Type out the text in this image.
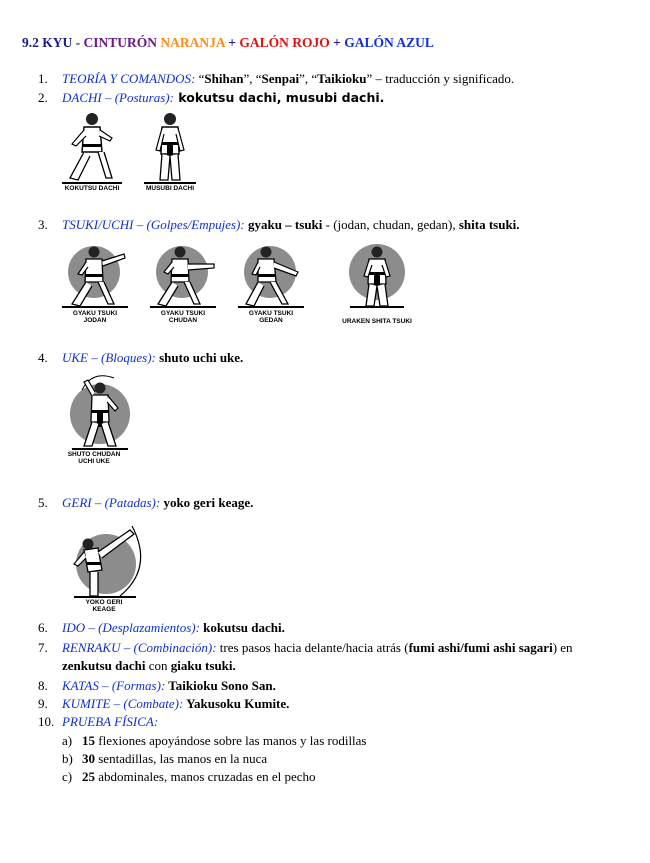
9.2 KYU - CINTURÓN NARANJA + GALÓN ROJO + GALÓN AZUL
1. TEORÍA Y COMANDOS: “Shihan”, “Senpai”, “Taikioku” – traducción y significado.
2. DACHI – (Posturas): kokutsu dachi, musubi dachi.
KOKUTSU DACHI	MUSUBI DACHI
3. TSUKI/UCHI – (Golpes/Empujes): gyaku – tsuki - (jodan, chudan, gedan), shita tsuki.
GYAKU TSUKI
JODAN
GYAKU TSUKI
CHUDAN
GYAKU TSUKI
GEDAN	URAKEN SHITA TSUKI
4. UKE – (Bloques): shuto uchi uke.
SHUTO CHUDAN
UCHI UKE
5. GERI – (Patadas): yoko geri keage.
YOKO GERI
KEAGE
6. IDO – (Desplazamientos): kokutsu dachi.
7. RENRAKU – (Combinación): tres pasos hacia delante/hacia atrás (fumi ashi/fumi ashi sagari) en
zenkutsu dachi con giaku tsuki.
8. KATAS – (Formas): Taikioku Sono San.
9. KUMITE – (Combate): Yakusoku Kumite.
10. PRUEBA FÍSICA:
a) 15 flexiones apoyándose sobre las manos y las rodillas
b) 30 sentadillas, las manos en la nuca
c) 25 abdominales, manos cruzadas en el pecho
